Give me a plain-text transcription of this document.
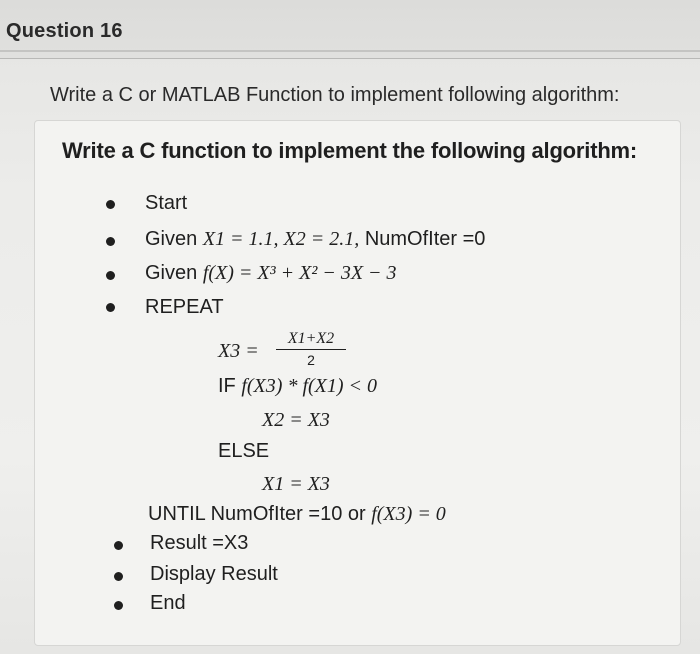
Question 16
Write a C or MATLAB Function to implement following algorithm:
Write a C function to implement the following algorithm:
Start
Given X1 = 1.1, X2 = 2.1, NumOfIter =0
Given f(X) = X³ + X² − 3X − 3
REPEAT
$X3 = \frac{X1+X2}{2}$
IF f(X3) * f(X1) < 0
X2 = X3
ELSE
X1 = X3
UNTIL NumOfIter =10 or f(X3) = 0
Result =X3
Display Result
End
